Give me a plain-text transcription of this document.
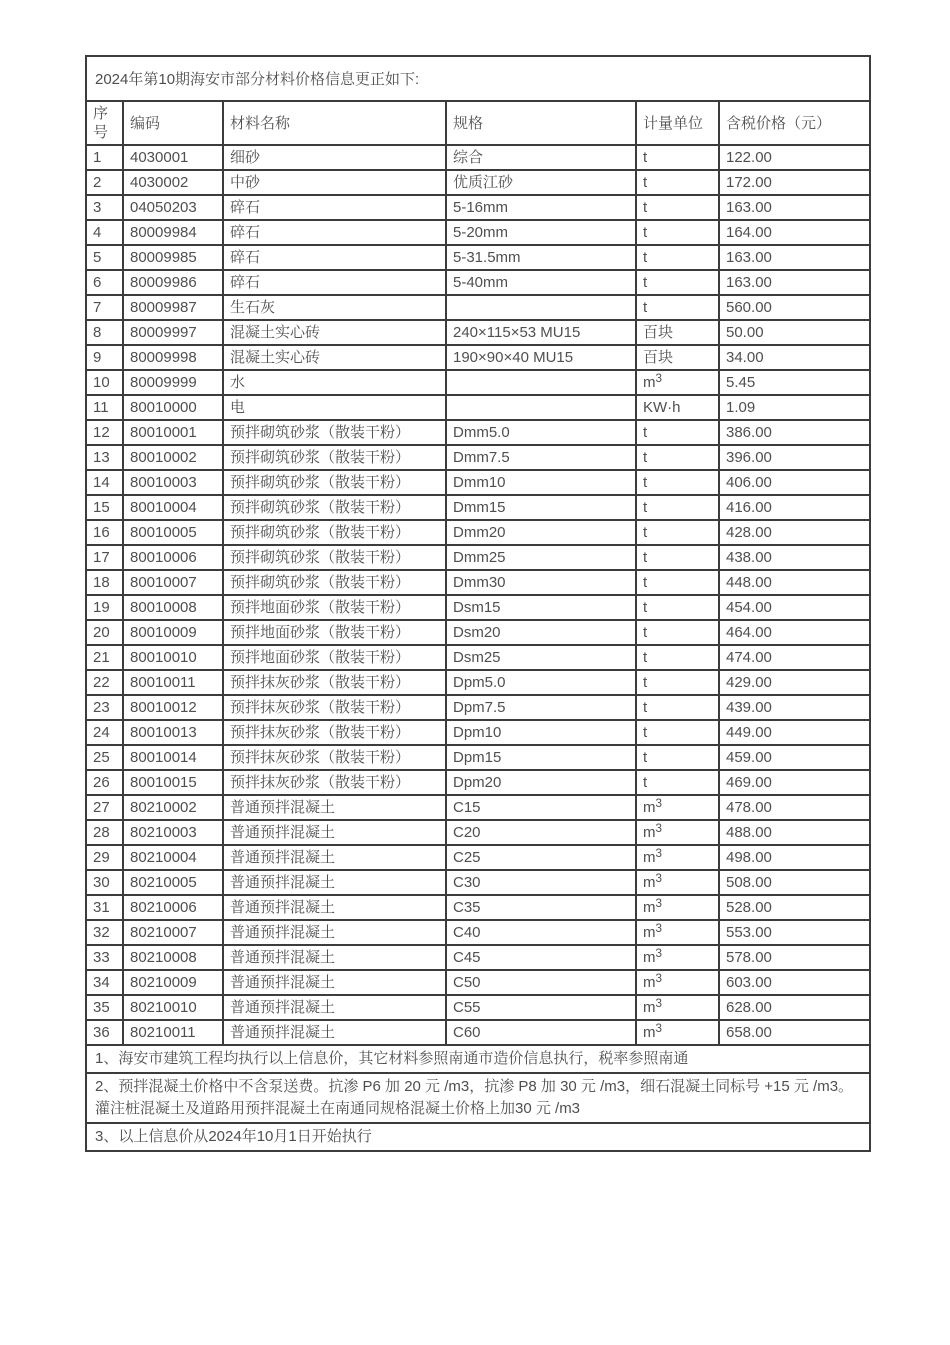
2024年第10期海安市部分材料价格信息更正如下:					
序号	编码	材料名称	规格	计量单位	含税价格（元）
1	4030001	细砂	综合	t	122.00
2	4030002	中砂	优质江砂	t	172.00
3	04050203	碎石	5-16mm	t	163.00
4	80009984	碎石	5-20mm	t	164.00
5	80009985	碎石	5-31.5mm	t	163.00
6	80009986	碎石	5-40mm	t	163.00
7	80009987	生石灰		t	560.00
8	80009997	混凝土实心砖	240×115×53 MU15	百块	50.00
9	80009998	混凝土实心砖	190×90×40 MU15	百块	34.00
10	80009999	水		$m^3$	5.45
11	80010000	电		KW·h	1.09
12	80010001	预拌砌筑砂浆（散装干粉）	Dmm5.0	t	386.00
13	80010002	预拌砌筑砂浆（散装干粉）	Dmm7.5	t	396.00
14	80010003	预拌砌筑砂浆（散装干粉）	Dmm10	t	406.00
15	80010004	预拌砌筑砂浆（散装干粉）	Dmm15	t	416.00
16	80010005	预拌砌筑砂浆（散装干粉）	Dmm20	t	428.00
17	80010006	预拌砌筑砂浆（散装干粉）	Dmm25	t	438.00
18	80010007	预拌砌筑砂浆（散装干粉）	Dmm30	t	448.00
19	80010008	预拌地面砂浆（散装干粉）	Dsm15	t	454.00
20	80010009	预拌地面砂浆（散装干粉）	Dsm20	t	464.00
21	80010010	预拌地面砂浆（散装干粉）	Dsm25	t	474.00
22	80010011	预拌抹灰砂浆（散装干粉）	Dpm5.0	t	429.00
23	80010012	预拌抹灰砂浆（散装干粉）	Dpm7.5	t	439.00
24	80010013	预拌抹灰砂浆（散装干粉）	Dpm10	t	449.00
25	80010014	预拌抹灰砂浆（散装干粉）	Dpm15	t	459.00
26	80010015	预拌抹灰砂浆（散装干粉）	Dpm20	t	469.00
27	80210002	普通预拌混凝土	C15	$m^3$	478.00
28	80210003	普通预拌混凝土	C20	$m^3$	488.00
29	80210004	普通预拌混凝土	C25	$m^3$	498.00
30	80210005	普通预拌混凝土	C30	$m^3$	508.00
31	80210006	普通预拌混凝土	C35	$m^3$	528.00
32	80210007	普通预拌混凝土	C40	$m^3$	553.00
33	80210008	普通预拌混凝土	C45	$m^3$	578.00
34	80210009	普通预拌混凝土	C50	$m^3$	603.00
35	80210010	普通预拌混凝土	C55	$m^3$	628.00
36	80210011	普通预拌混凝土	C60	$m^3$	658.00
1、海安市建筑工程均执行以上信息价，其它材料参照南通市造价信息执行，税率参照南通					
2、预拌混凝土价格中不含泵送费。抗渗 P6 加 20 元 /m3，抗渗 P8 加 30 元 /m3，细石混凝土同标号 +15 元 /m3。 灌注桩混凝土及道路用预拌混凝土在南通同规格混凝土价格上加30 元 /m3					
3、以上信息价从2024年10月1日开始执行					
